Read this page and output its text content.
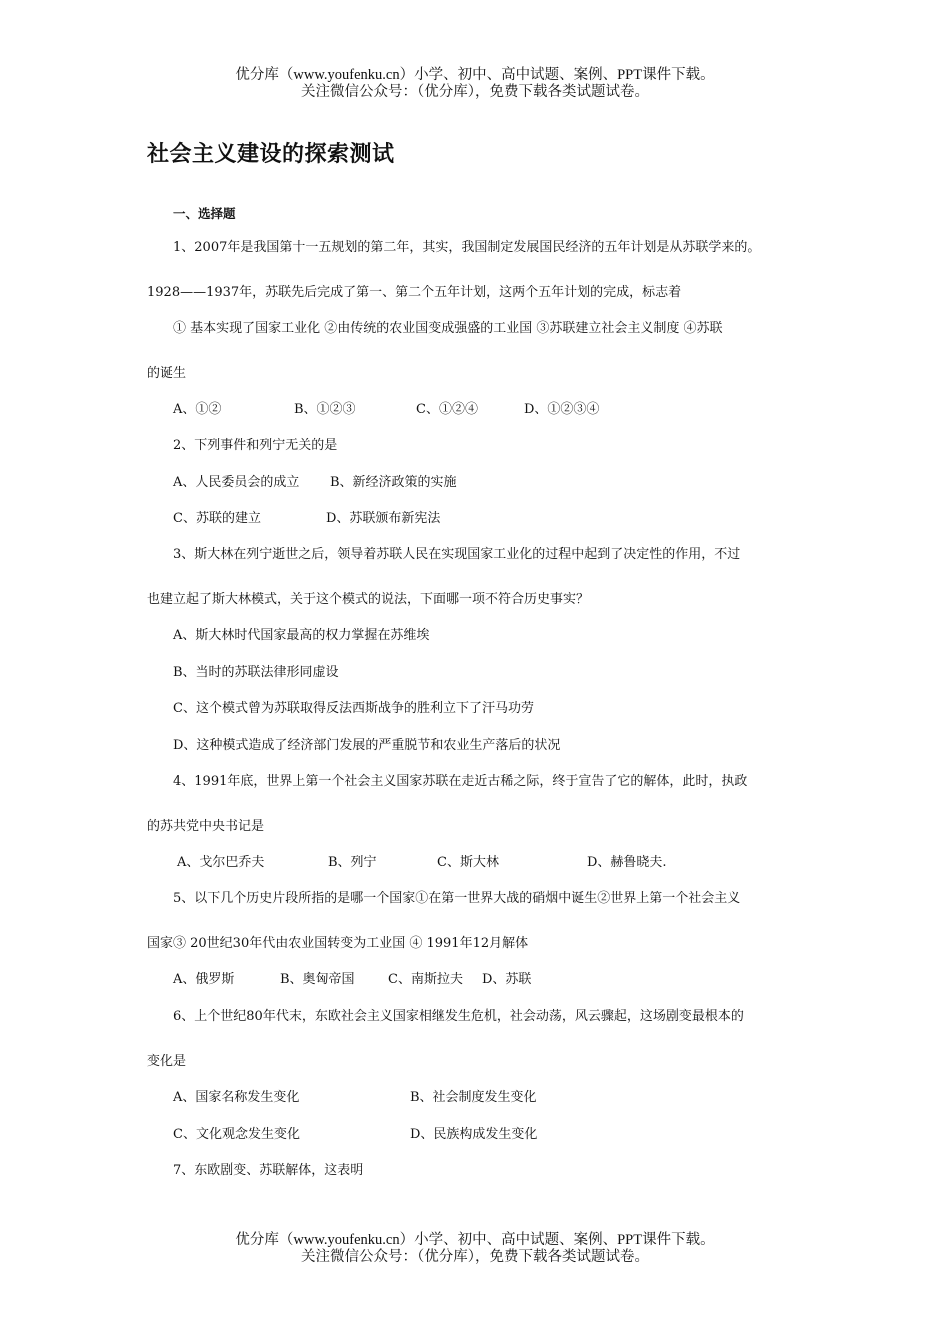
优分库（www.youfenku.cn）小学、初中、高中试题、案例、PPT课件下载。
关注微信公众号：（优分库），免费下载各类试题试卷。
社会主义建设的探索测试
一、选择题
1、2007年是我国第十一五规划的第二年，其实，我国制定发展国民经济的五年计划是从苏联学来的。
1928——1937年，苏联先后完成了第一、第二个五年计划，这两个五年计划的完成，标志着
① 基本实现了国家工业化 ②由传统的农业国变成强盛的工业国 ③苏联建立社会主义制度 ④苏联
的诞生
A、①②	B、①②③	C、①②④	D、①②③④
2、下列事件和列宁无关的是
A、人民委员会的成立 B、新经济政策的实施
C、苏联的建立	D、苏联颁布新宪法
3、斯大林在列宁逝世之后，领导着苏联人民在实现国家工业化的过程中起到了决定性的作用，不过
也建立起了斯大林模式，关于这个模式的说法，下面哪一项不符合历史事实？
A、斯大林时代国家最高的权力掌握在苏维埃
B、当时的苏联法律形同虚设
C、这个模式曾为苏联取得反法西斯战争的胜利立下了汗马功劳
D、这种模式造成了经济部门发展的严重脱节和农业生产落后的状况
4、1991年底，世界上第一个社会主义国家苏联在走近古稀之际，终于宣告了它的解体，此时，执政
的苏共党中央书记是
A、戈尔巴乔夫	B、列宁	C、斯大林	D、赫鲁晓夫.
5、以下几个历史片段所指的是哪一个国家①在第一世界大战的硝烟中诞生②世界上第一个社会主义
国家③ 20世纪30年代由农业国转变为工业国 ④ 1991年12月解体
A、俄罗斯	B、奥匈帝国	C、南斯拉夫 D、苏联
6、上个世纪80年代末，东欧社会主义国家相继发生危机，社会动荡，风云骤起，这场剧变最根本的
变化是
A、国家名称发生变化	B、社会制度发生变化
C、文化观念发生变化	D、民族构成发生变化
7、东欧剧变、苏联解体，这表明
优分库（www.youfenku.cn）小学、初中、高中试题、案例、PPT课件下载。
关注微信公众号：（优分库），免费下载各类试题试卷。
